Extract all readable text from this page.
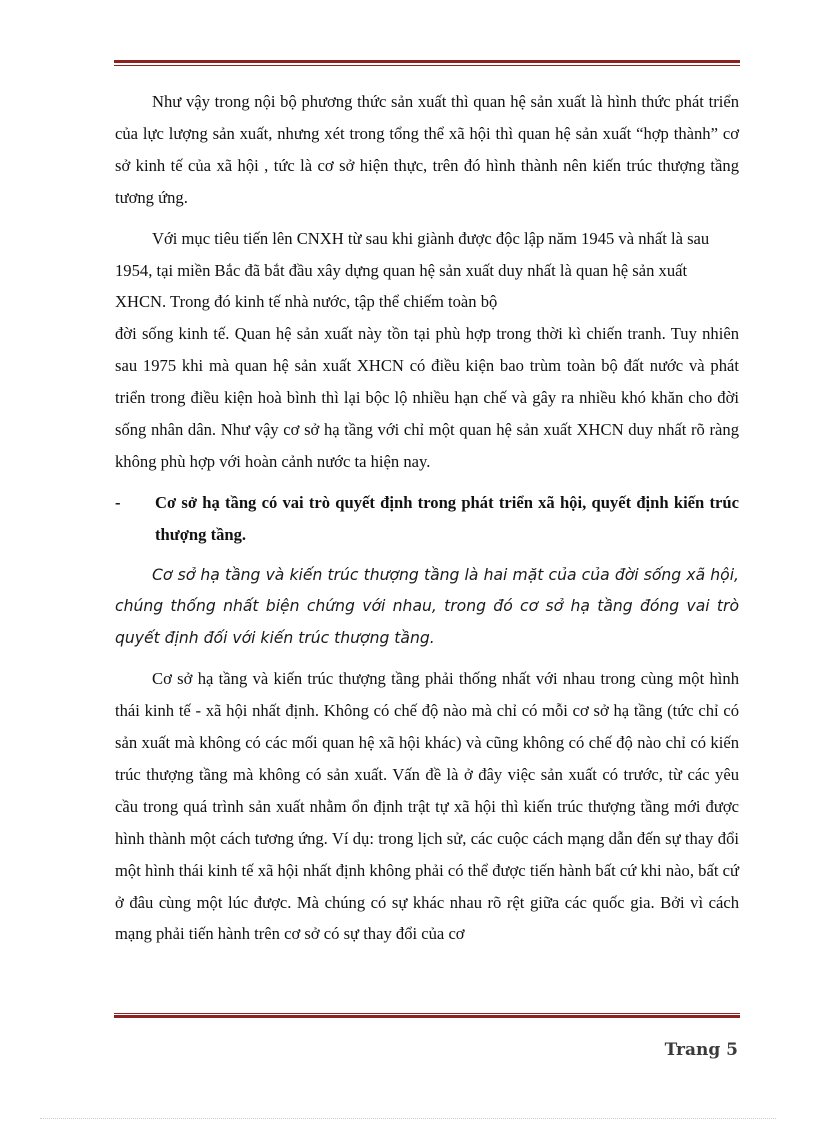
Như vậy trong nội bộ phương thức sản xuất thì quan hệ sản xuất là hình thức phát triển của lực lượng sản xuất, nhưng xét trong tổng thể xã hội thì quan hệ sản xuất “hợp thành” cơ sở kinh tế của xã hội , tức là cơ sở hiện thực, trên đó hình thành nên kiến trúc thượng tầng tương ứng.

Với mục tiêu tiến lên CNXH từ sau khi giành được độc lập năm 1945 và nhất là sau 1954, tại miền Bắc đã bắt đầu xây dựng quan hệ sản xuất duy nhất là quan hệ sản xuất XHCN. Trong đó kinh tế nhà nước, tập thể chiếm toàn bộ

đời sống kinh tế. Quan hệ sản xuất này tồn tại phù hợp trong thời kì chiến tranh. Tuy nhiên sau 1975 khi mà quan hệ sản xuất XHCN có điều kiện bao trùm toàn bộ đất nước và phát triển trong điều kiện hoà bình thì lại bộc lộ nhiều hạn chế và gây ra nhiều khó khăn cho đời sống nhân dân. Như vậy cơ sở hạ tầng với chỉ một quan hệ sản xuất XHCN duy nhất rõ ràng không phù hợp với hoàn cảnh nước ta hiện nay.

-	Cơ sở hạ tầng có vai trò quyết định trong phát triển xã hội, quyết định kiến trúc thượng tầng.

Cơ sở hạ tầng và kiến trúc thượng tầng là hai mặt của của đời sống xã hội, chúng thống nhất biện chứng với nhau, trong đó cơ sở hạ tầng đóng vai trò quyết định đối với kiến trúc thượng tầng.

Cơ sở hạ tầng và kiến trúc thượng tầng phải thống nhất với nhau trong cùng một hình thái kinh tế - xã hội nhất định. Không có chế độ nào mà chỉ có mỗi cơ sở hạ tầng (tức chỉ có sản xuất mà không có các mối quan hệ xã hội khác) và cũng không có chế độ nào chỉ có kiến trúc thượng tầng mà không có sản xuất. Vấn đề là ở đây việc sản xuất có trước, từ các yêu cầu trong quá trình sản xuất nhằm ổn định trật tự xã hội thì kiến trúc thượng tầng mới được hình thành một cách tương ứng. Ví dụ: trong lịch sử, các cuộc cách mạng dẫn đến sự thay đổi một hình thái kinh tế xã hội nhất định không phải có thể được tiến hành bất cứ khi nào, bất cứ ở đâu cùng một lúc được. Mà chúng có sự khác nhau rõ rệt giữa các quốc gia. Bởi vì cách mạng phải tiến hành trên cơ sở có sự thay đổi của cơ

Trang 5
